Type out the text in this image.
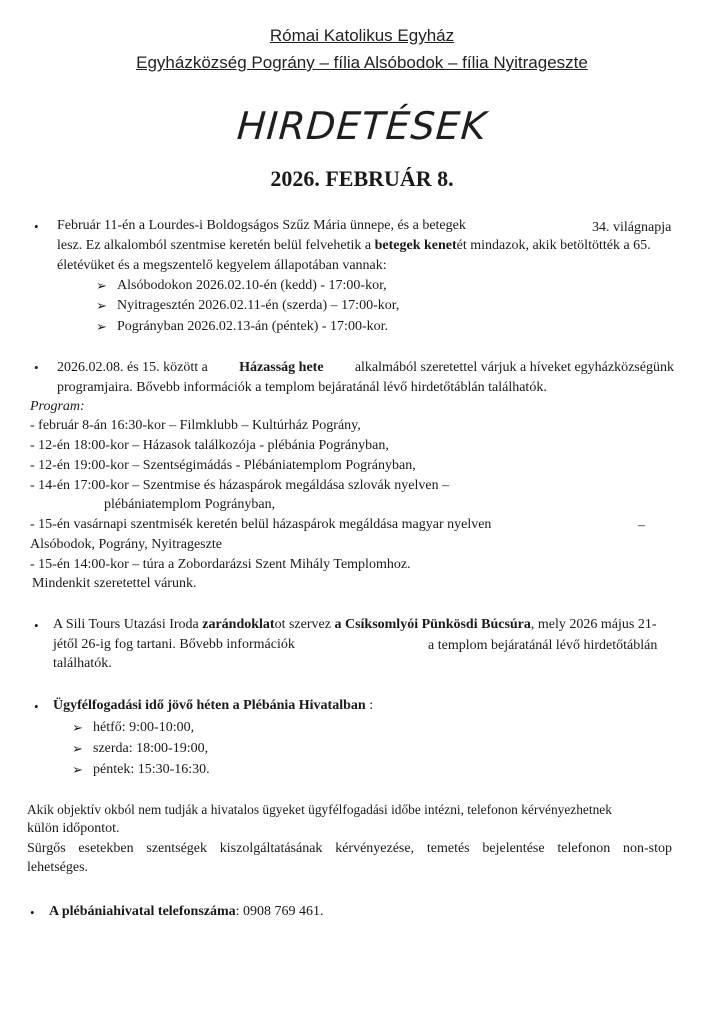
Római Katolikus Egyház
Egyházközség Pográny – fília Alsóbodok – fília Nyitrageszte
HIRDETÉSEK
2026. FEBRUÁR 8.
• Február 11-én a Lourdes-i Boldogságos Szűz Mária ünnepe, és a betegek	34. világnapja
lesz. Ez alkalomból szentmise keretén belül felvehetik a betegek kenetét mindazok, akik betöltötték a 65.
életévüket és a megszentelő kegyelem állapotában vannak:
➢ Alsóbodokon 2026.02.10-én (kedd) - 17:00-kor,
➢ Nyitragesztén 2026.02.11-én (szerda) – 17:00-kor,
➢ Pogrányban 2026.02.13-án (péntek) - 17:00-kor.
• 2026.02.08. és 15. között a Házasság hete alkalmából szeretettel várjuk a híveket egyházközségünk
programjaira. Bővebb információk a templom bejáratánál lévő hirdetőtáblán találhatók.
Program:
- február 8-án 16:30-kor – Filmklubb – Kultúrház Pográny,
- 12-én 18:00-kor – Házasok találkozója - plébánia Pogrányban,
- 12-én 19:00-kor – Szentségimádás - Plébániatemplom Pogrányban,
- 14-én 17:00-kor – Szentmise és házaspárok megáldása szlovák nyelven –
plébániatemplom Pogrányban,
- 15-én vasárnapi szentmisék keretén belül házaspárok megáldása magyar nyelven	–
Alsóbodok, Pográny, Nyitrageszte
- 15-én 14:00-kor – túra a Zobordarázsi Szent Mihály Templomhoz.
Mindenkit szeretettel várunk.
• A Sili Tours Utazási Iroda zarándoklatot szervez a Csíksomlyói Pünkösdi Búcsúra, mely 2026 május 21-
jétől 26-ig fog tartani. Bővebb információk	a templom bejáratánál lévő hirdetőtáblán
találhatók.
• Ügyfélfogadási idő jövő héten a Plébánia Hivatalban :
➢ hétfő: 9:00-10:00,
➢ szerda: 18:00-19:00,
➢ péntek: 15:30-16:30.
Akik objektív okból nem tudják a hivatalos ügyeket ügyfélfogadási időbe intézni, telefonon kérvényezhetnek
külön időpontot.
Sürgős esetekben szentségek kiszolgáltatásának kérvényezése, temetés bejelentése telefonon non-stop
lehetséges.
• A plébániahivatal telefonszáma: 0908 769 461.
